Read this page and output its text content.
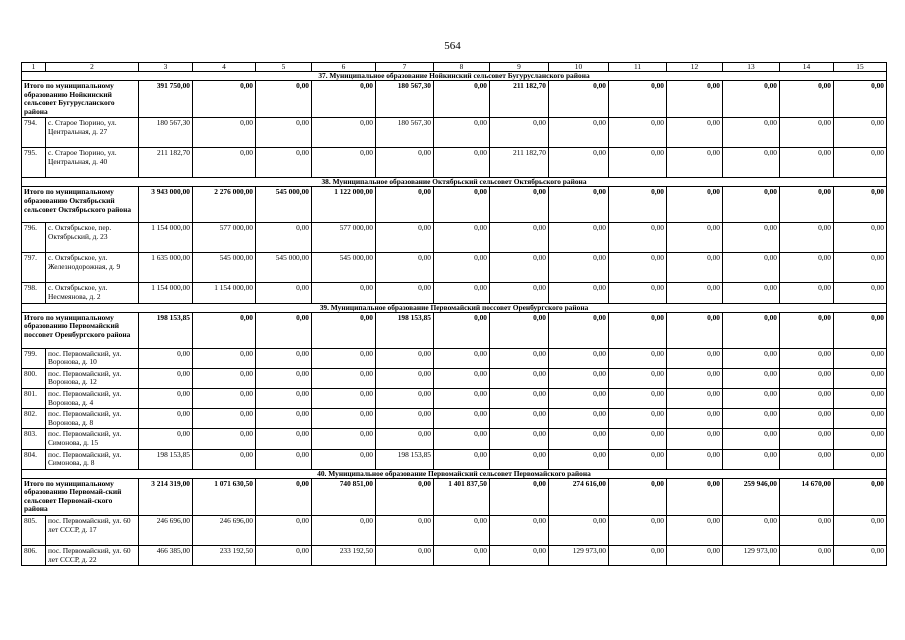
564
1	2	3	4	5	6	7	8	9	10	11	12	13	14	15
37. Муниципальное образование Нойкинский сельсовет Бугурусланского района														
Итого по муниципальному образованию Нойкинский сельсовет Бугурусланского района		391 750,00	0,00	0,00	0,00	180 567,30	0,00	211 182,70	0,00	0,00	0,00	0,00	0,00	0,00
794.	с. Старое Тюрино, ул. Центральная, д. 27	180 567,30	0,00	0,00	0,00	180 567,30	0,00	0,00	0,00	0,00	0,00	0,00	0,00	0,00
795.	с. Старое Тюрино, ул. Центральная, д. 40	211 182,70	0,00	0,00	0,00	0,00	0,00	211 182,70	0,00	0,00	0,00	0,00	0,00	0,00
38. Муниципальное образование Октябрьский сельсовет Октябрьского района														
Итого по муниципальному образованию Октябрьский сельсовет Октябрьского района		3 943 000,00	2 276 000,00	545 000,00	1 122 000,00	0,00	0,00	0,00	0,00	0,00	0,00	0,00	0,00	0,00
796.	с. Октябрьское, пер. Октябрьский, д. 23	1 154 000,00	577 000,00	0,00	577 000,00	0,00	0,00	0,00	0,00	0,00	0,00	0,00	0,00	0,00
797.	с. Октябрьское, ул. Железнодорожная, д. 9	1 635 000,00	545 000,00	545 000,00	545 000,00	0,00	0,00	0,00	0,00	0,00	0,00	0,00	0,00	0,00
798.	с. Октябрьское, ул. Несмеянова, д. 2	1 154 000,00	1 154 000,00	0,00	0,00	0,00	0,00	0,00	0,00	0,00	0,00	0,00	0,00	0,00
39. Муниципальное образование Первомайский поссовет Оренбургского района														
Итого по муниципальному образованию Первомайский поссовет Оренбургского района		198 153,85	0,00	0,00	0,00	198 153,85	0,00	0,00	0,00	0,00	0,00	0,00	0,00	0,00
799.	пос. Первомайский, ул. Воронова, д. 10	0,00	0,00	0,00	0,00	0,00	0,00	0,00	0,00	0,00	0,00	0,00	0,00	0,00
800.	пос. Первомайский, ул. Воронова, д. 12	0,00	0,00	0,00	0,00	0,00	0,00	0,00	0,00	0,00	0,00	0,00	0,00	0,00
801.	пос. Первомайский, ул. Воронова, д. 4	0,00	0,00	0,00	0,00	0,00	0,00	0,00	0,00	0,00	0,00	0,00	0,00	0,00
802.	пос. Первомайский, ул. Воронова, д. 8	0,00	0,00	0,00	0,00	0,00	0,00	0,00	0,00	0,00	0,00	0,00	0,00	0,00
803.	пос. Первомайский, ул. Симонова, д. 15	0,00	0,00	0,00	0,00	0,00	0,00	0,00	0,00	0,00	0,00	0,00	0,00	0,00
804.	пос. Первомайский, ул. Симонова, д. 8	198 153,85	0,00	0,00	0,00	198 153,85	0,00	0,00	0,00	0,00	0,00	0,00	0,00	0,00
40. Муниципальное образование Первомайский сельсовет Первомайского района														
Итого по муниципальному образованию Первомай-ский сельсовет Первомай-ского района		3 214 319,00	1 071 630,50	0,00	740 851,00	0,00	1 401 837,50	0,00	274 616,00	0,00	0,00	259 946,00	14 670,00	0,00
805.	пос. Первомайский, ул. 60 лет СССР, д. 17	246 696,00	246 696,00	0,00	0,00	0,00	0,00	0,00	0,00	0,00	0,00	0,00	0,00	0,00
806.	пос. Первомайский, ул. 60 лет СССР, д. 22	466 385,00	233 192,50	0,00	233 192,50	0,00	0,00	0,00	129 973,00	0,00	0,00	129 973,00	0,00	0,00
